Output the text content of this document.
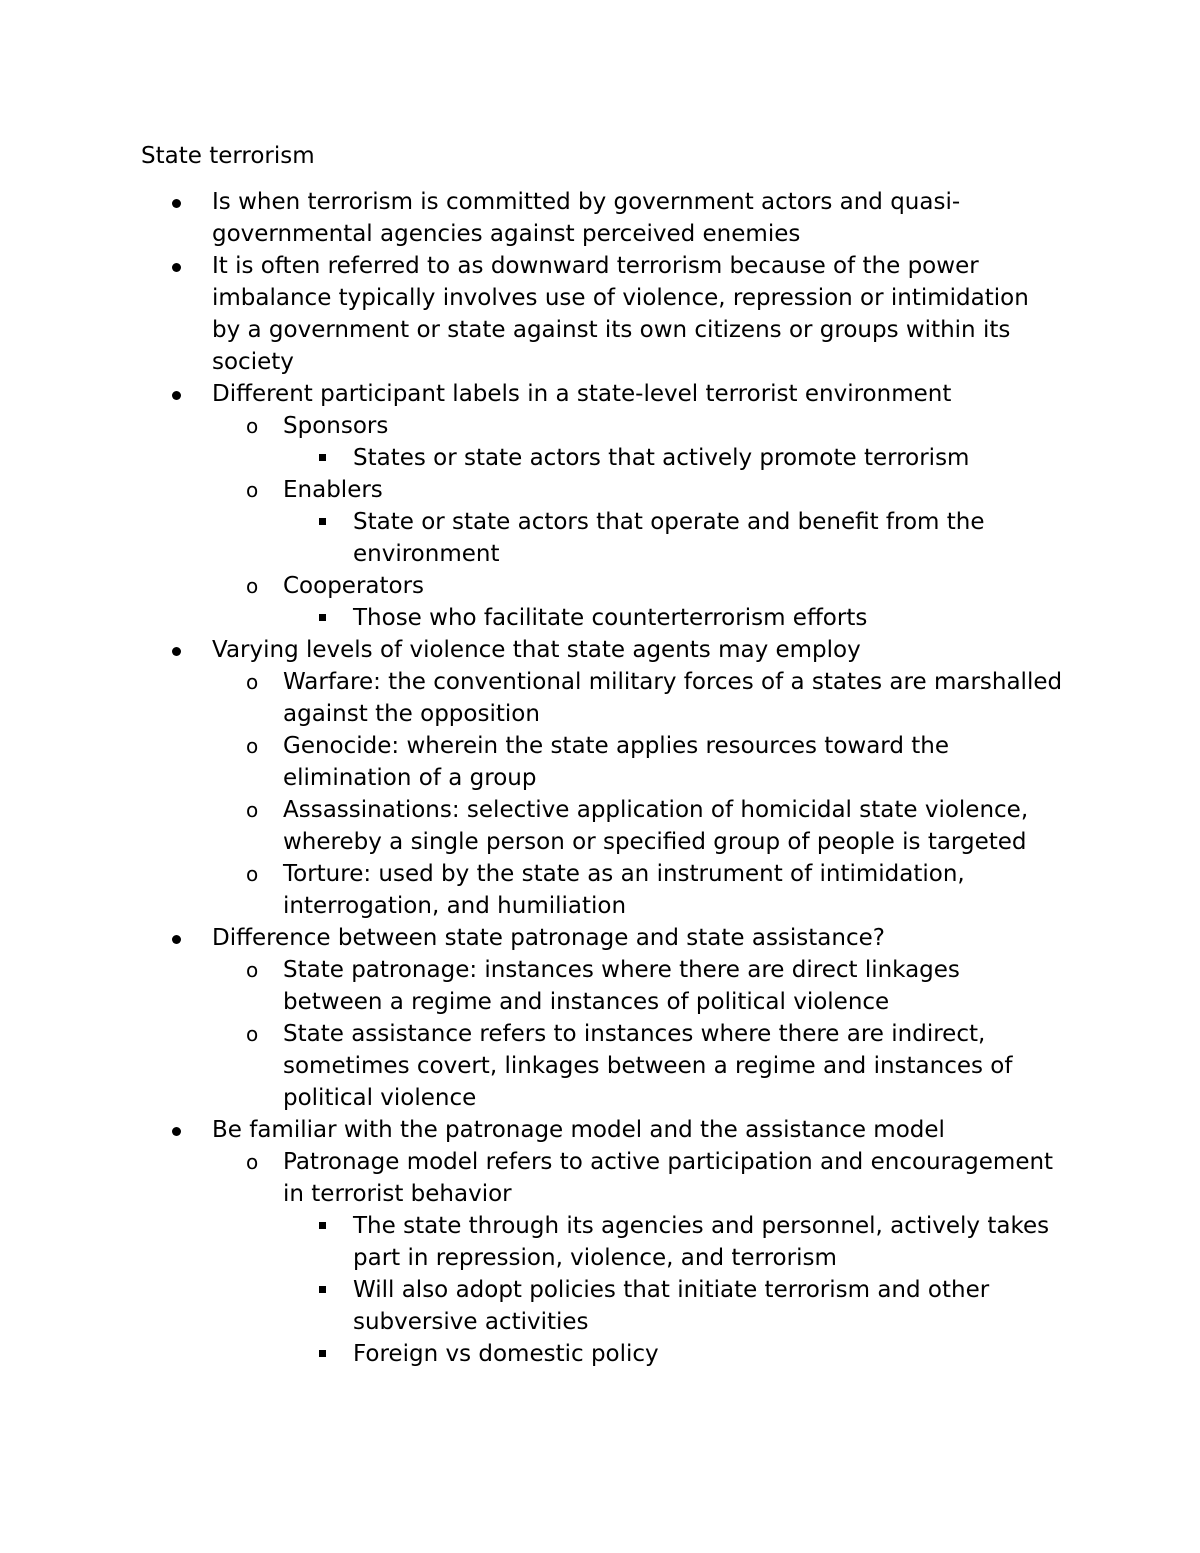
State terrorism
Is when terrorism is committed by government actors and quasi-governmental agencies against perceived enemies
It is often referred to as downward terrorism because of the power imbalance typically involves use of violence, repression or intimidation by a government or state against its own citizens or groups within its society
Different participant labels in a state-level terrorist environment
o Sponsors
States or state actors that actively promote terrorism
o Enablers
State or state actors that operate and benefit from the environment
o Cooperators
Those who facilitate counterterrorism efforts
Varying levels of violence that state agents may employ
o Warfare: the conventional military forces of a states are marshalled against the opposition
o Genocide: wherein the state applies resources toward the elimination of a group
o Assassinations: selective application of homicidal state violence, whereby a single person or specified group of people is targeted
o Torture: used by the state as an instrument of intimidation, interrogation, and humiliation
Difference between state patronage and state assistance?
o State patronage: instances where there are direct linkages between a regime and instances of political violence
o State assistance refers to instances where there are indirect, sometimes covert, linkages between a regime and instances of political violence
Be familiar with the patronage model and the assistance model
o Patronage model refers to active participation and encouragement in terrorist behavior
The state through its agencies and personnel, actively takes part in repression, violence, and terrorism
Will also adopt policies that initiate terrorism and other subversive activities
Foreign vs domestic policy
